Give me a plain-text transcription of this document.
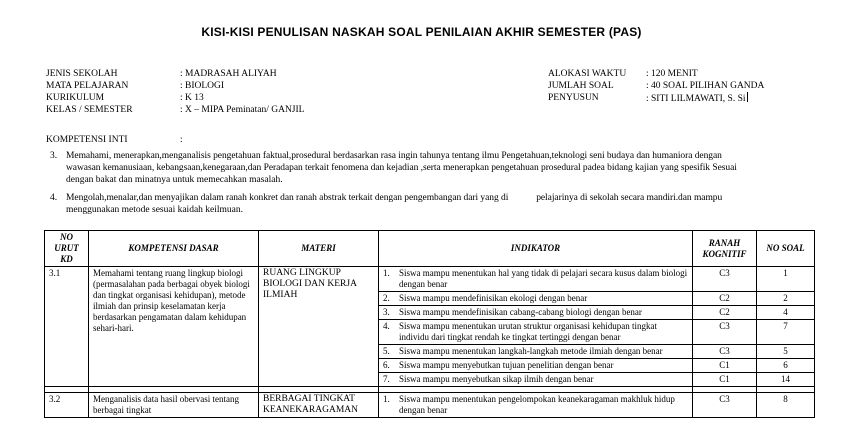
KISI-KISI PENULISAN NASKAH SOAL PENILAIAN AKHIR SEMESTER (PAS)
JENIS SEKOLAH	: MADRASAH ALIYAH
MATA PELAJARAN	: BIOLOGI
KURIKULUM	: K 13
KELAS / SEMESTER	: X – MIPA Peminatan/ GANJIL
ALOKASI WAKTU : 120 MENIT
JUMLAH SOAL	: 40 SOAL PILIHAN GANDA
PENYUSUN	: SITI LILMAWATI, S. Si
KOMPETENSI INTI	:
3. Memahami, menerapkan,menganalisis pengetahuan faktual,prosedural berdasarkan rasa ingin tahunya tentang ilmu Pengetahuan,teknologi seni budaya dan humaniora dengan
wawasan kemanusiaan, kebangsaan,kenegaraan,dan Peradapan terkait fenomena dan kejadian ,serta menerapkan pengetahuan prosedural padea bidang kajian yang spesifik Sesuai
dengan bakat dan minatnya untuk memecahkan masalah.
4. Mengolah,menalar,dan menyajikan dalam ranah konkret dan ranah abstrak terkait dengan pengembangan dari yang di            pelajarinya di sekolah secara mandiri.dan mampu
menggunakan metode sesuai kaidah keilmuan.
NO URUT KD	KOMPETENSI DASAR	MATERI	INDIKATOR	RANAH KOGNITIF	NO SOAL
3.1	Memahami tentang ruang lingkup biologi (permasalahan pada berbagai obyek biologi dan tingkat organisasi kehidupan), metode ilmiah dan prinsip keselamatan kerja berdasarkan pengamatan dalam kehidupan sehari-hari.	RUANG LINGKUP BIOLOGI DAN KERJA ILMIAH	1. Siswa mampu menentukan hal yang tidak di pelajari secara kusus dalam biologi dengan benar	C3	1

			2. Siswa mampu mendefinisikan ekologi dengan benar	C2	2

			3. Siswa mampu mendefinisikan cabang-cabang biologi dengan benar	C2	4

			4. Siswa mampu menentukan urutan struktur organisasi kehidupan tingkat individu dari tingkat rendah ke tingkat tertinggi dengan benar	C3	7

			5. Siswa mampu menentukan langkah-langkah metode ilmiah dengan benar	C3	5

			6. Siswa mampu menyebutkan tujuan penelitian dengan benar	C1	6

			7. Siswa mampu menyebutkan sikap ilmih dengan benar	C1	14

3.2	Menganalisis data hasil obervasi tentang berbagai tingkat	BERBAGAI TINGKAT KEANEKARAGAMAN	1. Siswa mampu menentukan pengelompokan keanekaragaman makhluk hidup dengan benar	C3	8
